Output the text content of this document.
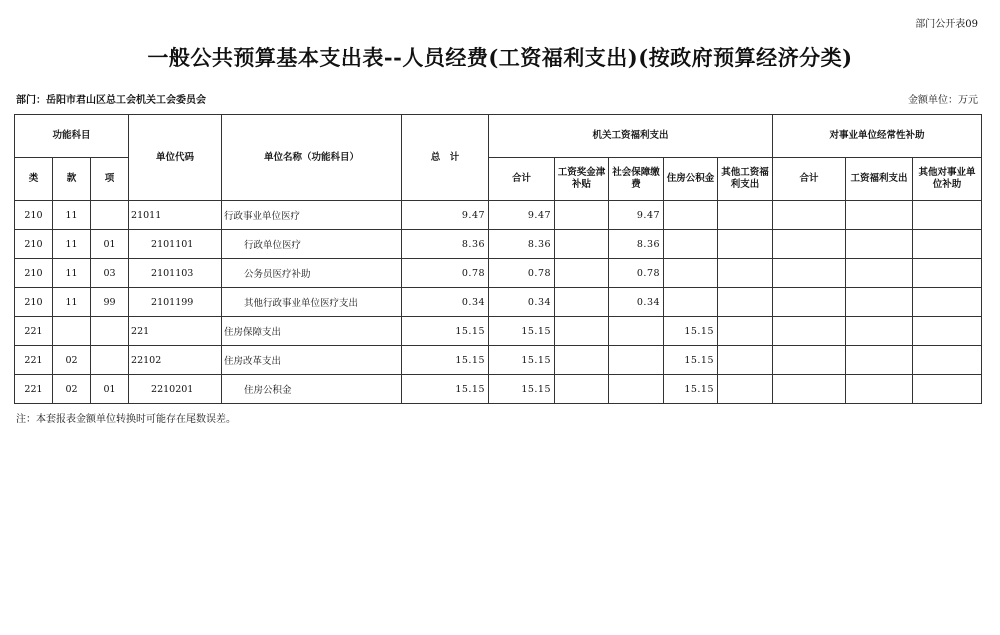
部门公开表09
一般公共预算基本支出表--人员经费(工资福利支出)(按政府预算经济分类)
部门：岳阳市君山区总工会机关工会委员会	金额单位：万元
功能科目			单位代码	单位名称（功能科目）	总　计	机关工资福利支出					对事业单位经常性补助		
类	款	项				合计	工资奖金津补贴	社会保障缴费	住房公积金	其他工资福利支出	合计	工资福利支出	其他对事业单位补助
210	11		21011	行政事业单位医疗	9.47	9.47		9.47					
210	11	01	2101101	行政单位医疗	8.36	8.36		8.36					
210	11	03	2101103	公务员医疗补助	0.78	0.78		0.78					
210	11	99	2101199	其他行政事业单位医疗支出	0.34	0.34		0.34					
221			221	住房保障支出	15.15	15.15			15.15				
221	02		22102	住房改革支出	15.15	15.15			15.15				
221	02	01	2210201	住房公积金	15.15	15.15			15.15				
注：本套报表金额单位转换时可能存在尾数误差。
